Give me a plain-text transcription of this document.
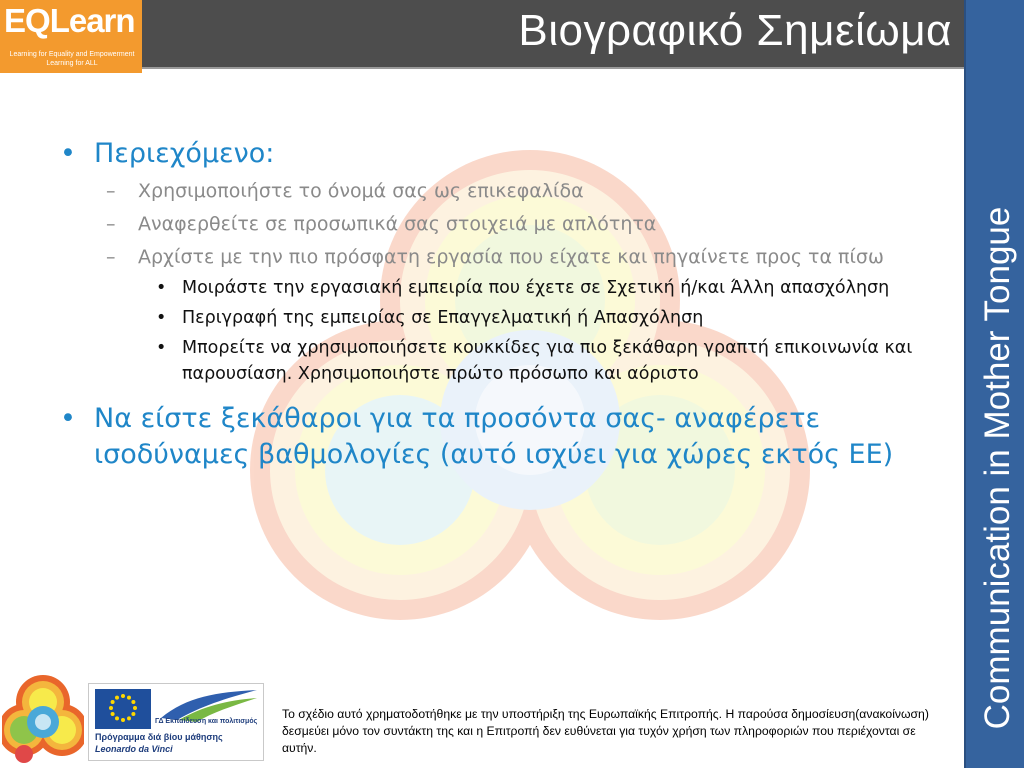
EQLearn
Learning for Equality and Empowerment
Learning for ALL
Βιογραφικό Σημείωμα
Communication in Mother Tongue
• Περιεχόμενο:
– Χρησιμοποιήστε το όνομά σας ως επικεφαλίδα
– Αναφερθείτε σε προσωπικά σας στοιχειά με απλότητα
– Αρχίστε με την πιο πρόσφατη εργασία που είχατε και πηγαίνετε προς τα πίσω
• Μοιράστε την εργασιακή εμπειρία που έχετε σε Σχετική ή/και Άλλη απασχόληση
• Περιγραφή της εμπειρίας σε Επαγγελματική ή Απασχόληση
• Μπορείτε να χρησιμοποιήσετε κουκκίδες για πιο ξεκάθαρη γραπτή επικοινωνία και παρουσίαση. Χρησιμοποιήστε πρώτο πρόσωπο και αόριστο
• Να είστε ξεκάθαροι για τα προσόντα σας- αναφέρετε ισοδύναμες βαθμολογίες (αυτό ισχύει για χώρες εκτός ΕΕ)
ΓΔ Εκπαίδευση και πολιτισμός
Πρόγραμμα διά βίου μάθησης
Leonardo da Vinci
Το σχέδιο αυτό χρηματοδοτήθηκε με την υποστήριξη της Ευρωπαϊκής Επιτροπής. Η παρούσα δημοσίευση(ανακοίνωση) δεσμεύει μόνο τον συντάκτη της και η Επιτροπή δεν ευθύνεται για τυχόν χρήση των πληροφοριών που περιέχονται σε αυτήν.
